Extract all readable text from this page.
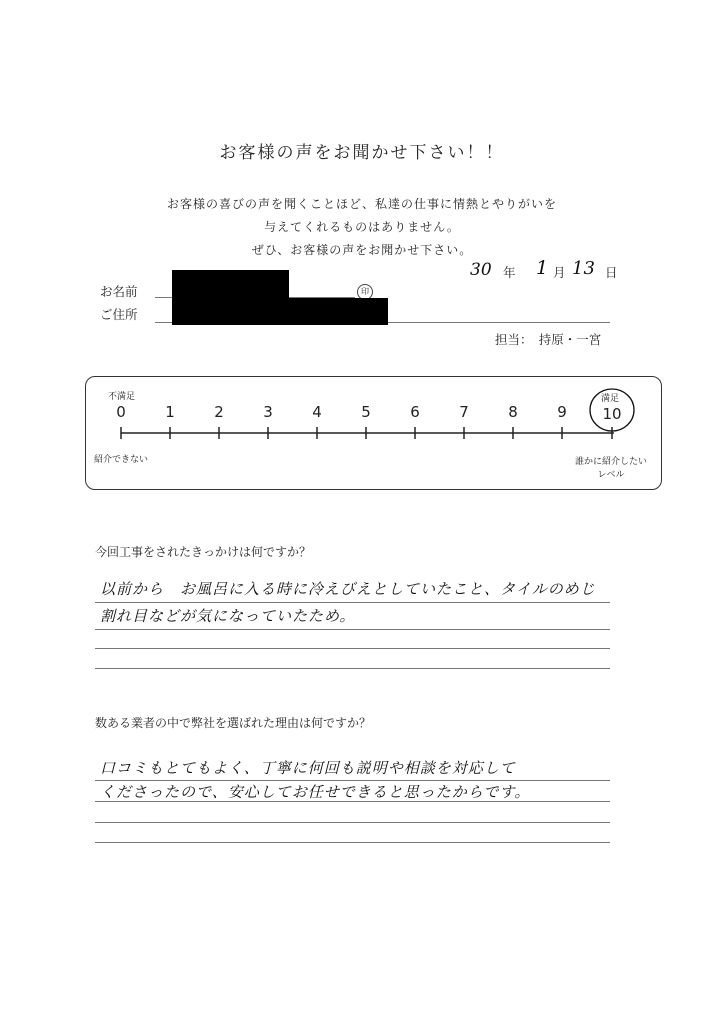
お客様の声をお聞かせ下さい！！
お客様の喜びの声を聞くことほど、私達の仕事に情熱とやりがいを
与えてくれるものはありません。
ぜひ、お客様の声をお聞かせ下さい。
30 年 1 月 13 日
お名前	印
ご住所
担当：　持原・一宮
不満足	満足
0	1	2	3	4	5	6	7	8	9	10
紹介できない	誰かに紹介したい
レベル
今回工事をされたきっかけは何ですか？
以前から　お風呂に入る時に冷えびえとしていたこと、タイルのめじ
割れ目などが気になっていたため。
数ある業者の中で弊社を選ばれた理由は何ですか？
口コミもとてもよく、丁寧に何回も説明や相談を対応して
くださったので、安心してお任せできると思ったからです。
